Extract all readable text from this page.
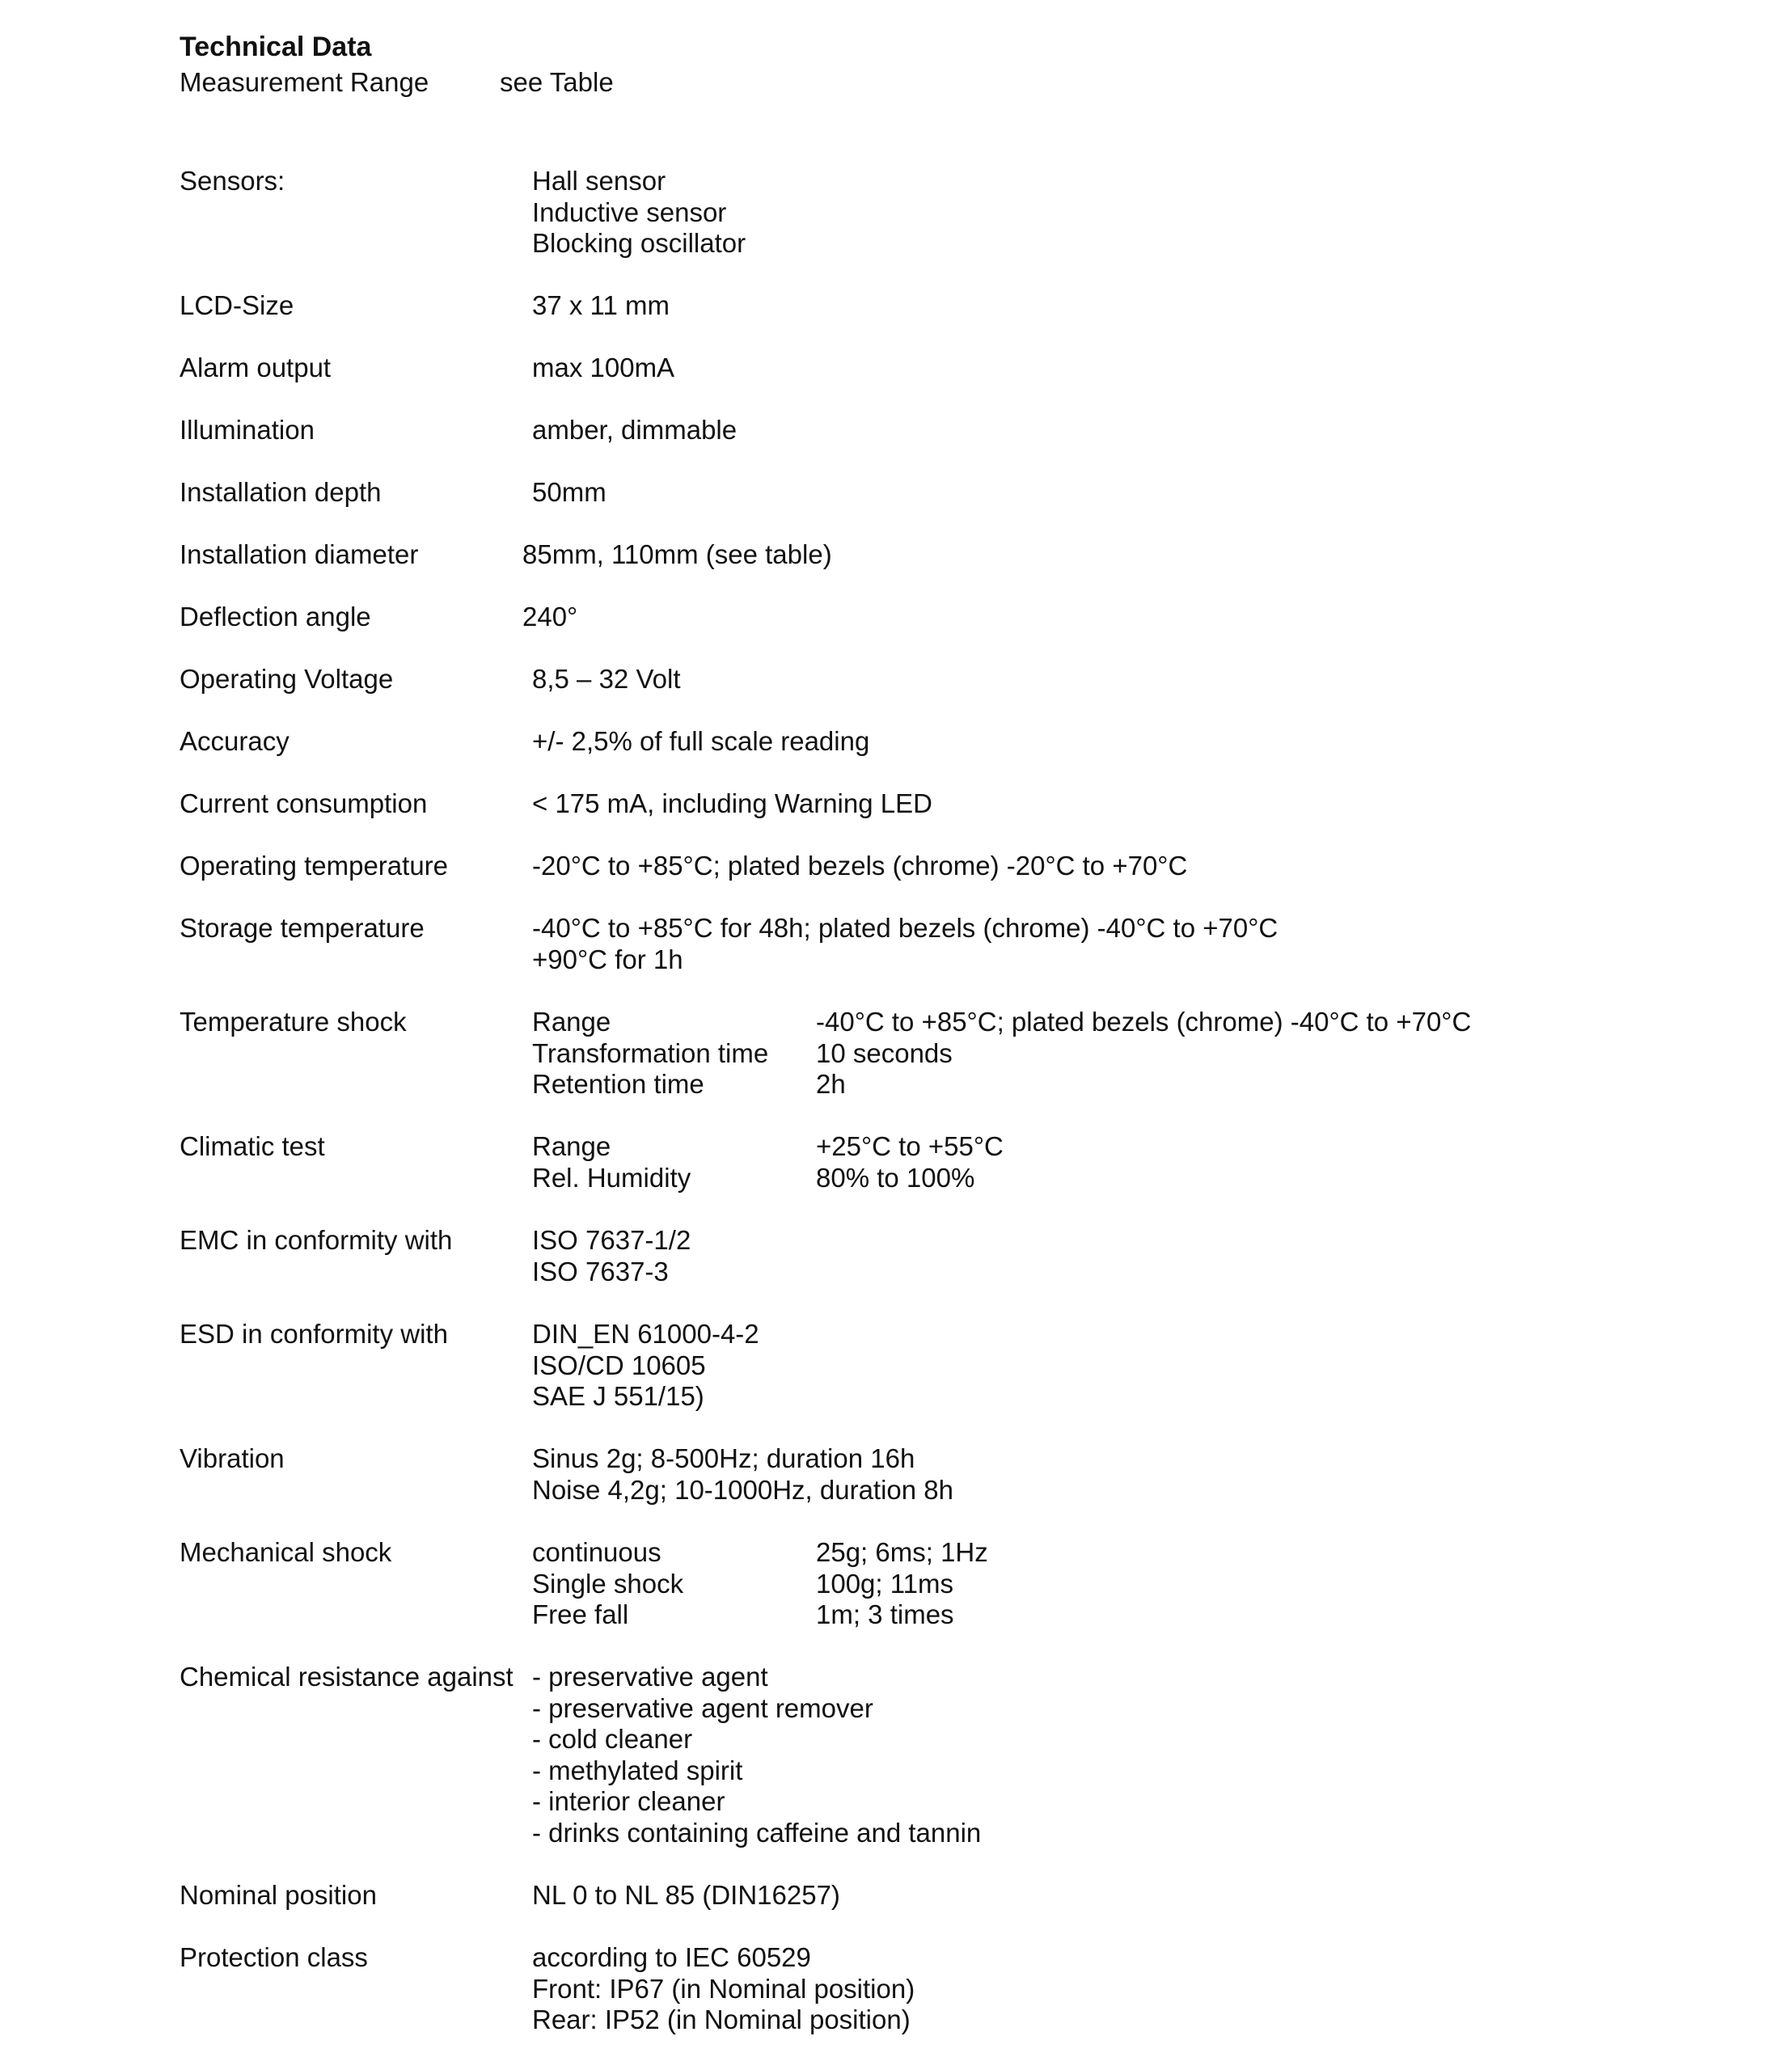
Technical Data
Measurement Range	see Table
Sensors:	Hall sensor
Inductive sensor
Blocking oscillator
LCD-Size	37 x 11 mm
Alarm output	max 100mA
Illumination	amber, dimmable
Installation depth	50mm
Installation diameter	85mm, 110mm (see table)
Deflection angle	240°
Operating Voltage	8,5 – 32 Volt
Accuracy	+/- 2,5% of full scale reading
Current consumption	< 175 mA, including Warning LED
Operating temperature	-20°C to +85°C; plated bezels (chrome) -20°C to +70°C
Storage temperature	-40°C to +85°C for 48h; plated bezels (chrome) -40°C to +70°C
+90°C for 1h
Temperature shock	Range	-40°C to +85°C; plated bezels (chrome) -40°C to +70°C
Transformation time 10 seconds
Retention time	2h
Climatic test	Range	+25°C to +55°C
Rel. Humidity	80% to 100%
EMC in conformity with	ISO 7637-1/2
ISO 7637-3
ESD in conformity with	DIN_EN 61000-4-2
ISO/CD 10605
SAE J 551/15)
Vibration	Sinus 2g; 8-500Hz; duration 16h
Noise 4,2g; 10-1000Hz, duration 8h
Mechanical shock	continuous	25g; 6ms; 1Hz
Single shock	100g; 11ms
Free fall	1m; 3 times
Chemical resistance against - preservative agent
- preservative agent remover
- cold cleaner
- methylated spirit
- interior cleaner
- drinks containing caffeine and tannin
Nominal position	NL 0 to NL 85 (DIN16257)
Protection class	according to IEC 60529
Front: IP67 (in Nominal position)
Rear: IP52 (in Nominal position)
